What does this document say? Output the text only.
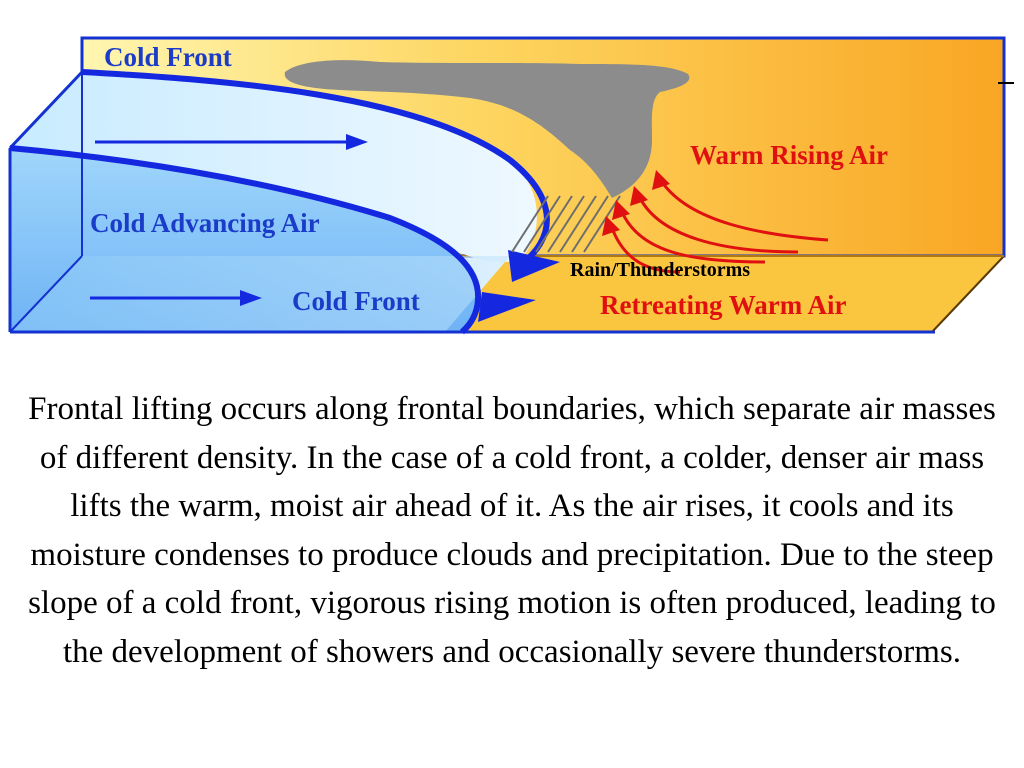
Cold Front
Cold Advancing Air
Cold Front
Warm Rising Air
Rain/Thunderstorms
Retreating Warm Air

Frontal lifting occurs along frontal boundaries, which separate air masses of different density. In the case of a cold front, a colder, denser air mass lifts the warm, moist air ahead of it. As the air rises, it cools and its moisture condenses to produce clouds and precipitation. Due to the steep slope of a cold front, vigorous rising motion is often produced, leading to the development of showers and occasionally severe thunderstorms.
